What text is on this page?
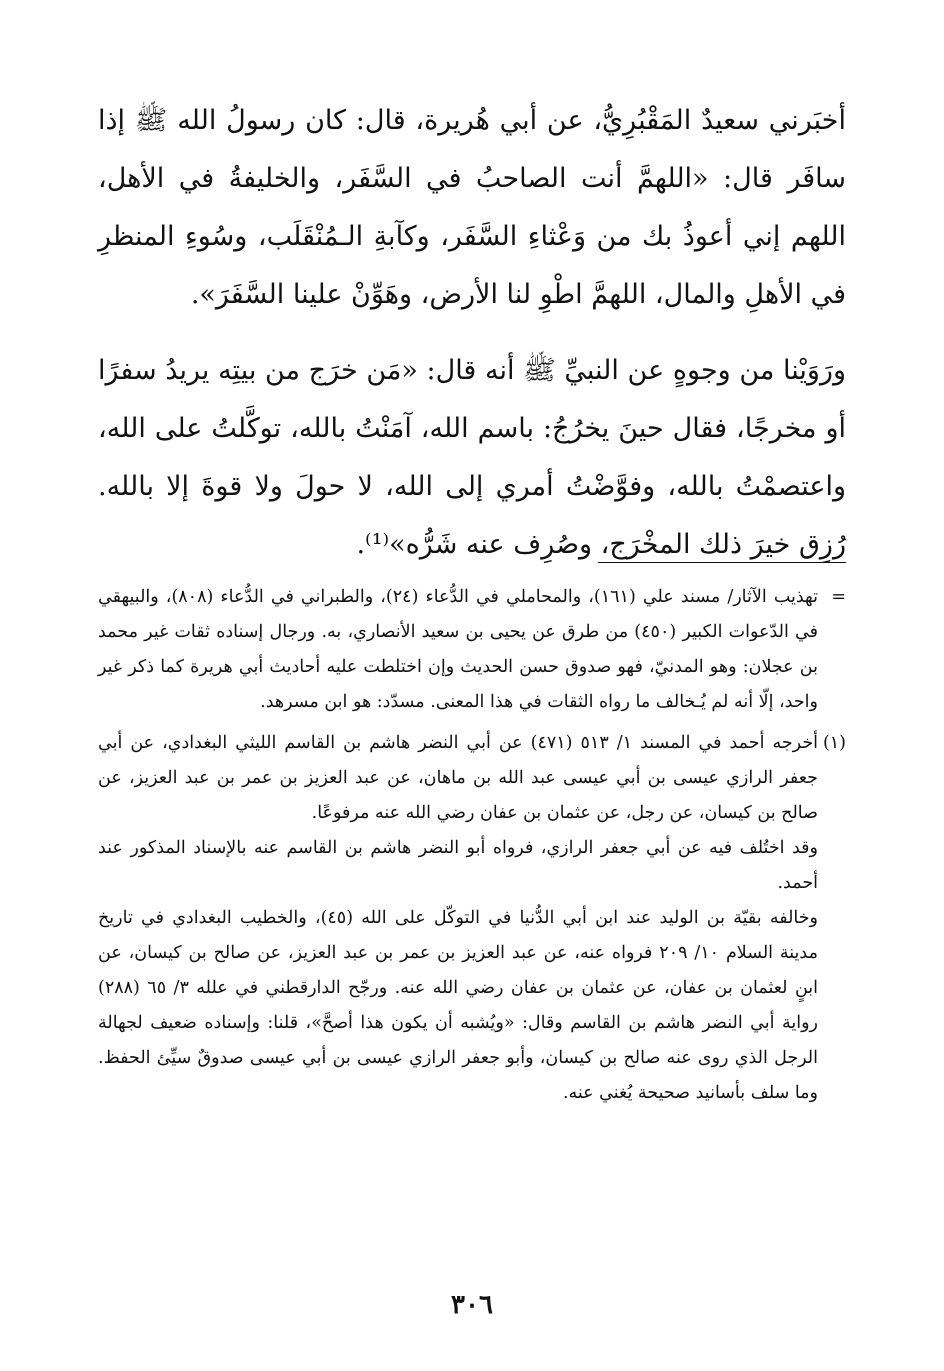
أخبَرني سعيدٌ المَقْبُرِيُّ، عن أبي هُريرة، قال: كان رسولُ الله ﷺ إذا سافَر قال: «اللهمَّ أنت الصاحبُ في السَّفَر، والخليفةُ في الأهل، اللهم إني أعوذُ بك من وَعْثاءِ السَّفَر، وكآبةِ الـمُنْقَلَب، وسُوءِ المنظرِ في الأهلِ والمال، اللهمَّ اطْوِ لنا الأرض، وهَوِّنْ علينا السَّفَرَ».

ورَوَيْنا من وجوهٍ عن النبيِّ ﷺ أنه قال: «مَن خرَج من بيتِه يريدُ سفرًا أو مخرجًا، فقال حينَ يخرُجُ: باسم الله، آمَنْتُ بالله، توكَّلتُ على الله، واعتصمْتُ بالله، وفوَّضْتُ أمري إلى الله، لا حولَ ولا قوةَ إلا بالله. رُزِق خيرَ ذلك المخْرَج، وصُرِف عنه شَرُّه»⁽¹⁾.

=

تهذيب الآثار/ مسند علي (١٦١)، والمحاملي في الدُّعاء (٢٤)، والطبراني في الدُّعاء (٨٠٨)، والبيهقي في الدّعوات الكبير (٤٥٠) من طرق عن يحيى بن سعيد الأنصاري، به. ورجال إسناده ثقات غير محمد بن عجلان: وهو المدنيّ، فهو صدوق حسن الحديث وإن اختلطت عليه أحاديث أبي هريرة كما ذكر غير واحد، إلّا أنه لم يُـخالف ما رواه الثقات في هذا المعنى. مسدّد: هو ابن مسرهد.

(١)

أخرجه أحمد في المسند ١/ ٥١٣ (٤٧١) عن أبي النضر هاشم بن القاسم الليثي البغدادي، عن أبي جعفر الرازي عيسى بن أبي عيسى عبد الله بن ماهان، عن عبد العزيز بن عمر بن عبد العزيز، عن صالح بن كيسان، عن رجل، عن عثمان بن عفان رضي الله عنه مرفوعًا.

وقد اختُلف فيه عن أبي جعفر الرازي، فرواه أبو النضر هاشم بن القاسم عنه بالإسناد المذكور عند أحمد.

وخالفه بقيّة بن الوليد عند ابن أبي الدُّنيا في التوكّل على الله (٤٥)، والخطيب البغدادي في تاريخ مدينة السلام ١٠/ ٢٠٩ فرواه عنه، عن عبد العزيز بن عمر بن عبد العزيز، عن صالح بن كيسان، عن ابنٍ لعثمان بن عفان، عن عثمان بن عفان رضي الله عنه. ورجّح الدارقطني في علله ٣/ ٦٥ (٢٨٨) رواية أبي النضر هاشم بن القاسم وقال: «ويُشبه أن يكون هذا أصحَّ»، قلنا: وإسناده ضعيف لجهالة الرجل الذي روى عنه صالح بن كيسان، وأبو جعفر الرازي عيسى بن أبي عيسى صدوقٌ سيِّئ الحفظ. وما سلف بأسانيد صحيحة يُغني عنه.

٣٠٦
